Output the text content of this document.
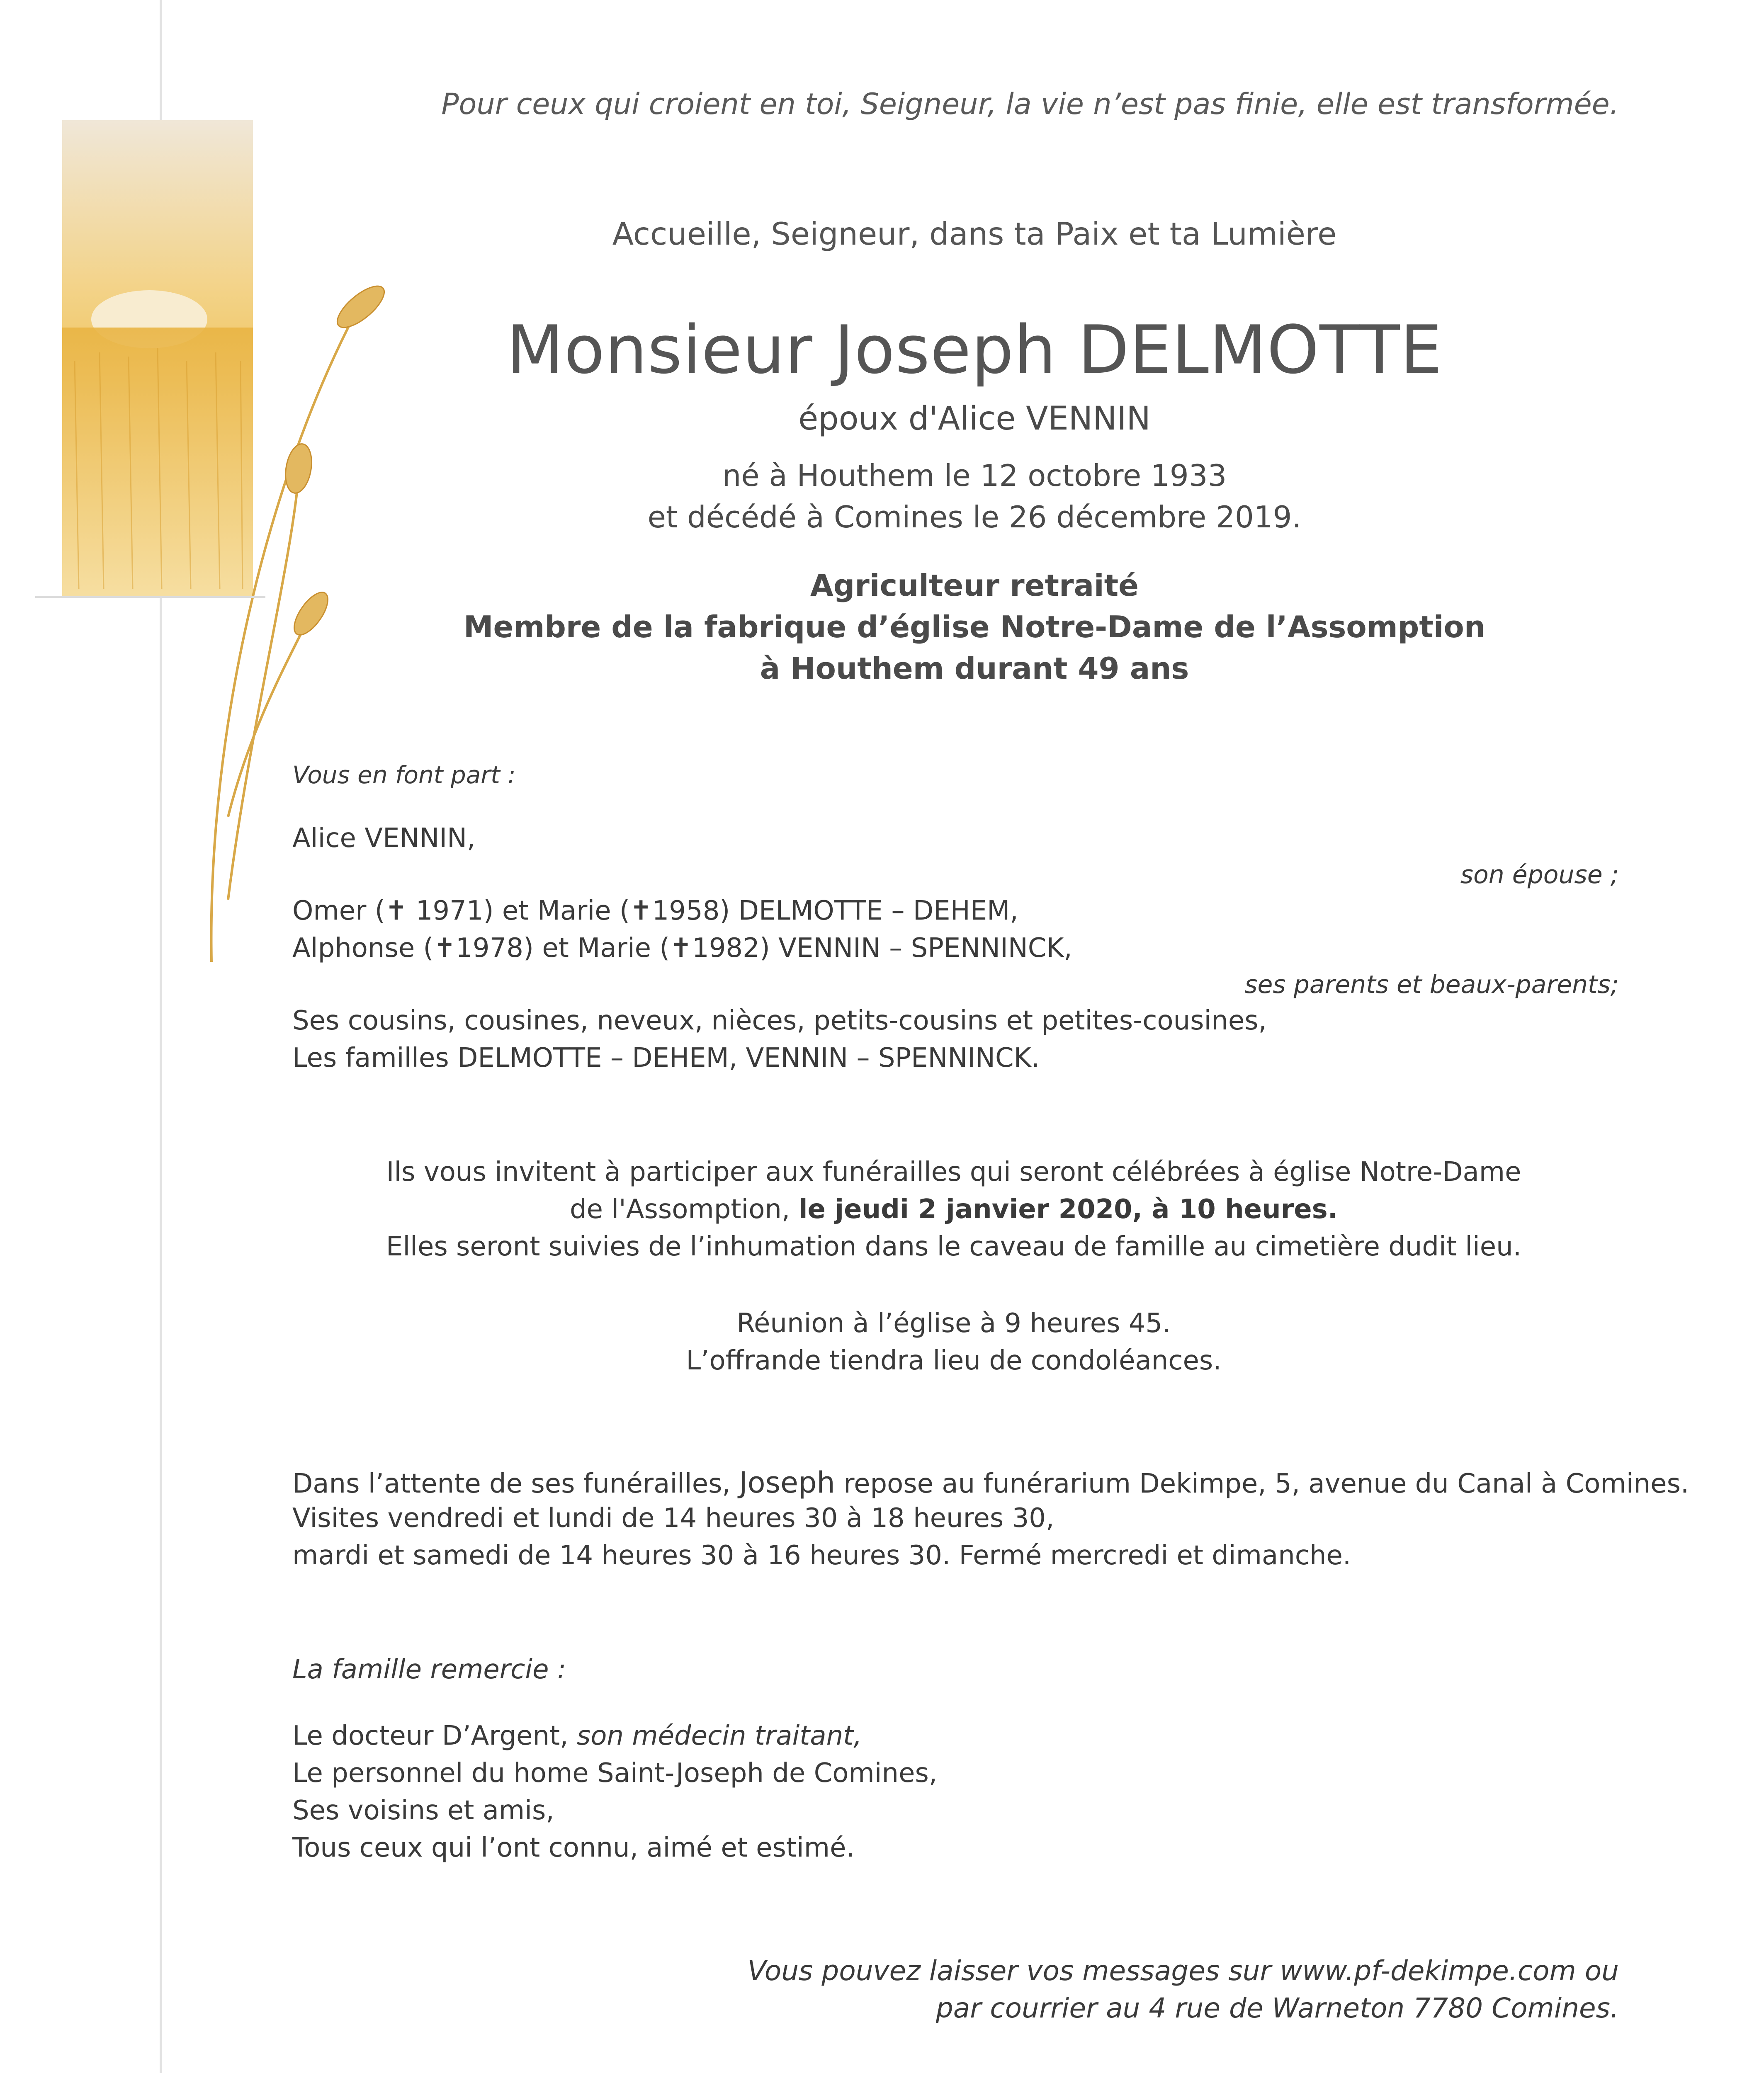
Pour ceux qui croient en toi, Seigneur, la vie n’est pas finie, elle est transformée.
Accueille, Seigneur, dans ta Paix et ta Lumière
Monsieur Joseph DELMOTTE
époux d'Alice VENNIN
né à Houthem le 12 octobre 1933
et décédé à Comines le 26 décembre 2019.
Agriculteur retraité
Membre de la fabrique d’église Notre-Dame de l’Assomption
à Houthem durant 49 ans
Vous en font part :
Alice VENNIN,
son épouse ;
Omer (✝ 1971) et Marie (✝1958) DELMOTTE – DEHEM,
Alphonse (✝1978) et Marie (✝1982) VENNIN – SPENNINCK,
ses parents et beaux-parents;
Ses cousins, cousines, neveux, nièces, petits-cousins et petites-cousines,
Les familles DELMOTTE – DEHEM, VENNIN – SPENNINCK.
Ils vous invitent à participer aux funérailles qui seront célébrées à église Notre-Dame
de l'Assomption, le jeudi 2 janvier 2020, à 10 heures.
Elles seront suivies de l’inhumation dans le caveau de famille au cimetière dudit lieu.
Réunion à l’église à 9 heures 45.
L’offrande tiendra lieu de condoléances.
Dans l’attente de ses funérailles, Joseph repose au funérarium Dekimpe, 5, avenue du Canal à Comines.
Visites vendredi et lundi de 14 heures 30 à 18 heures 30,
mardi et samedi de 14 heures 30 à 16 heures 30. Fermé mercredi et dimanche.
La famille remercie :
Le docteur D’Argent, son médecin traitant,
Le personnel du home Saint-Joseph de Comines,
Ses voisins et amis,
Tous ceux qui l’ont connu, aimé et estimé.
Vous pouvez laisser vos messages sur www.pf-dekimpe.com ou
par courrier au 4 rue de Warneton 7780 Comines.
